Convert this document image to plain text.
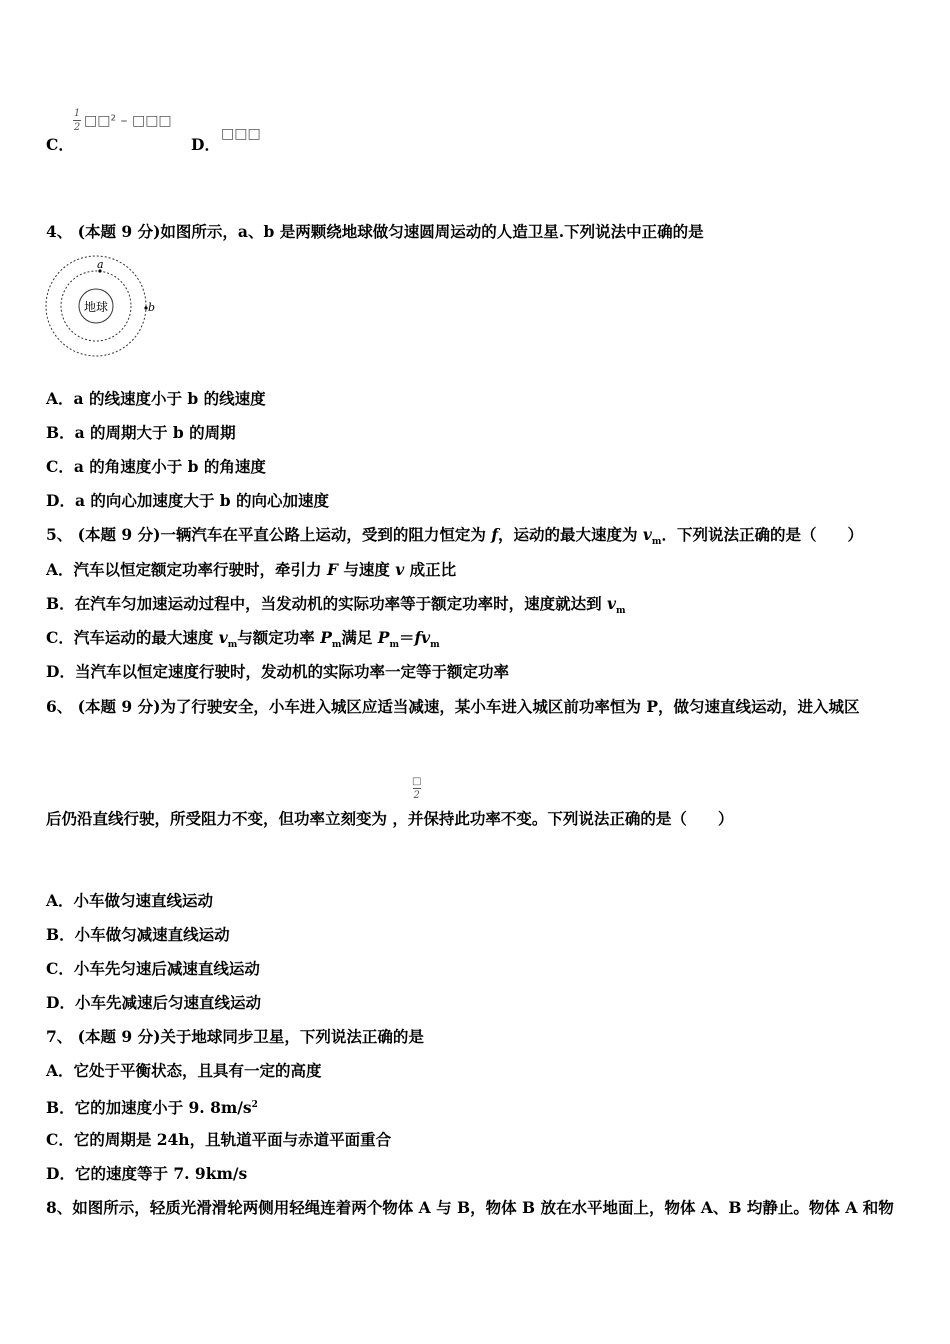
1
2 □□² – □□□
C．
□□□
D．
4、 (本题 9 分)如图所示，a、b 是两颗绕地球做匀速圆周运动的人造卫星.下列说法中正确的是
地球
a
b
A．a 的线速度小于 b 的线速度
B．a 的周期大于 b 的周期
C．a 的角速度小于 b 的角速度
D．a 的向心加速度大于 b 的向心加速度
5、 (本题 9 分)一辆汽车在平直公路上运动，受到的阻力恒定为 f，运动的最大速度为 $v_m$．下列说法正确的是（　　）
A．汽车以恒定额定功率行驶时，牵引力 F 与速度 v 成正比
B．在汽车匀加速运动过程中，当发动机的实际功率等于额定功率时，速度就达到 $v_m$
C．汽车运动的最大速度 $v_m$与额定功率 $P_m$满足 $P_m=fv_m$
D．当汽车以恒定速度行驶时，发动机的实际功率一定等于额定功率
6、 (本题 9 分)为了行驶安全，小车进入城区应适当减速，某小车进入城区前功率恒为 P，做匀速直线运动，进入城区
□
2
后仍沿直线行驶，所受阻力不变，但功率立刻变为 ，并保持此功率不变。下列说法正确的是（　　）
A．小车做匀速直线运动
B．小车做匀减速直线运动
C．小车先匀速后减速直线运动
D．小车先减速后匀速直线运动
7、 (本题 9 分)关于地球同步卫星，下列说法正确的是
A．它处于平衡状态，且具有一定的高度
B．它的加速度小于 9. $8m/s^2$
C．它的周期是 24h，且轨道平面与赤道平面重合
D．它的速度等于 7. 9km/s
8、如图所示，轻质光滑滑轮两侧用轻绳连着两个物体 A 与 B，物体 B 放在水平地面上，物体 A、B 均静止。物体 A 和物
